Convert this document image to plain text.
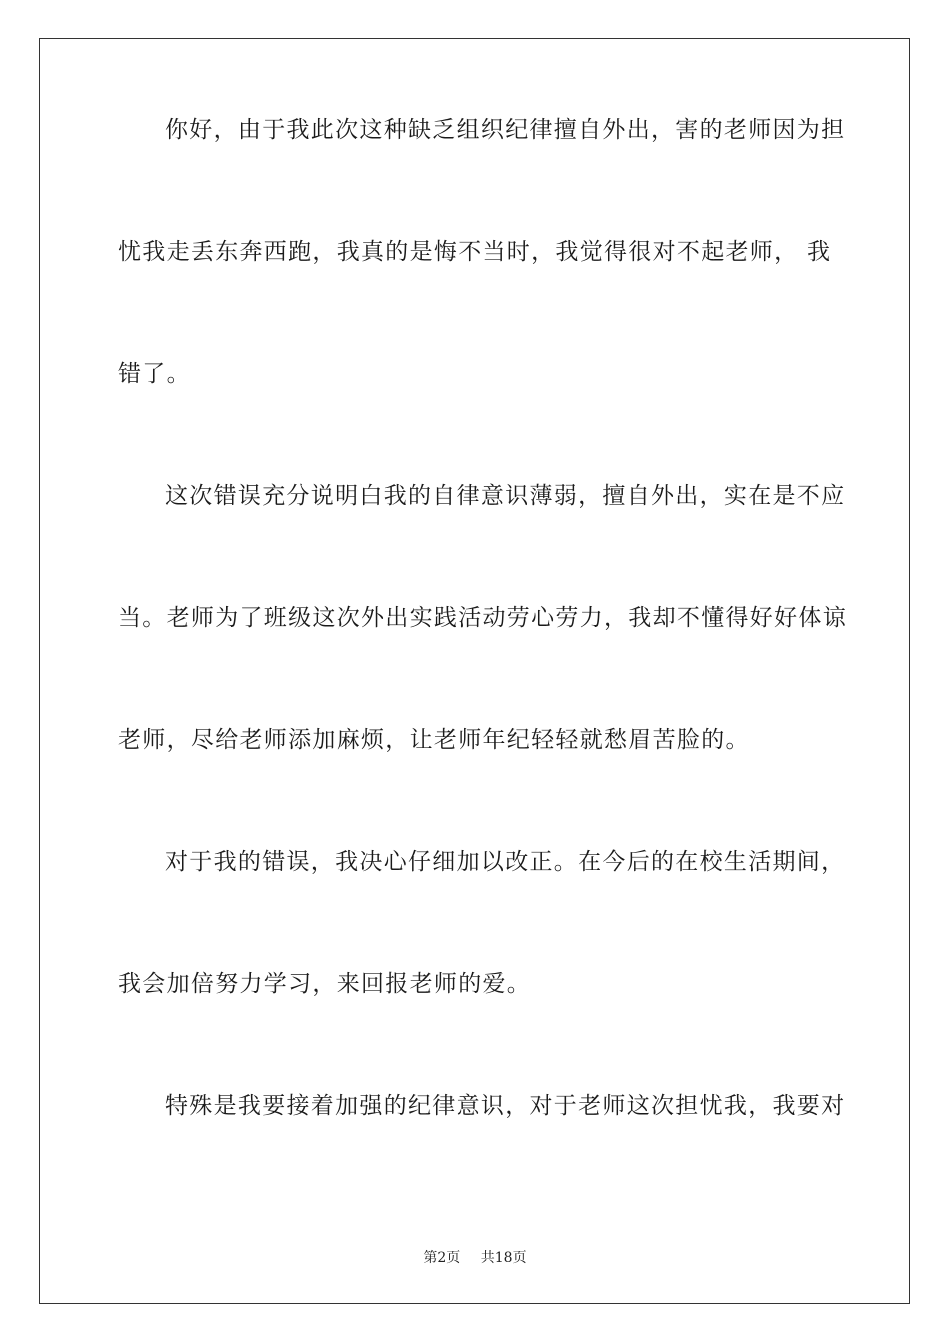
你好，由于我此次这种缺乏组织纪律擅自外出，害的老师因为担
忧我走丢东奔西跑，我真的是悔不当时，我觉得很对不起老师， 我
错了。
这次错误充分说明白我的自律意识薄弱，擅自外出，实在是不应
当。老师为了班级这次外出实践活动劳心劳力，我却不懂得好好体谅
老师，尽给老师添加麻烦，让老师年纪轻轻就愁眉苦脸的。
对于我的错误，我决心仔细加以改正。在今后的在校生活期间，
我会加倍努力学习，来回报老师的爱。
特殊是我要接着加强的纪律意识，对于老师这次担忧我，我要对
第2页 共18页
